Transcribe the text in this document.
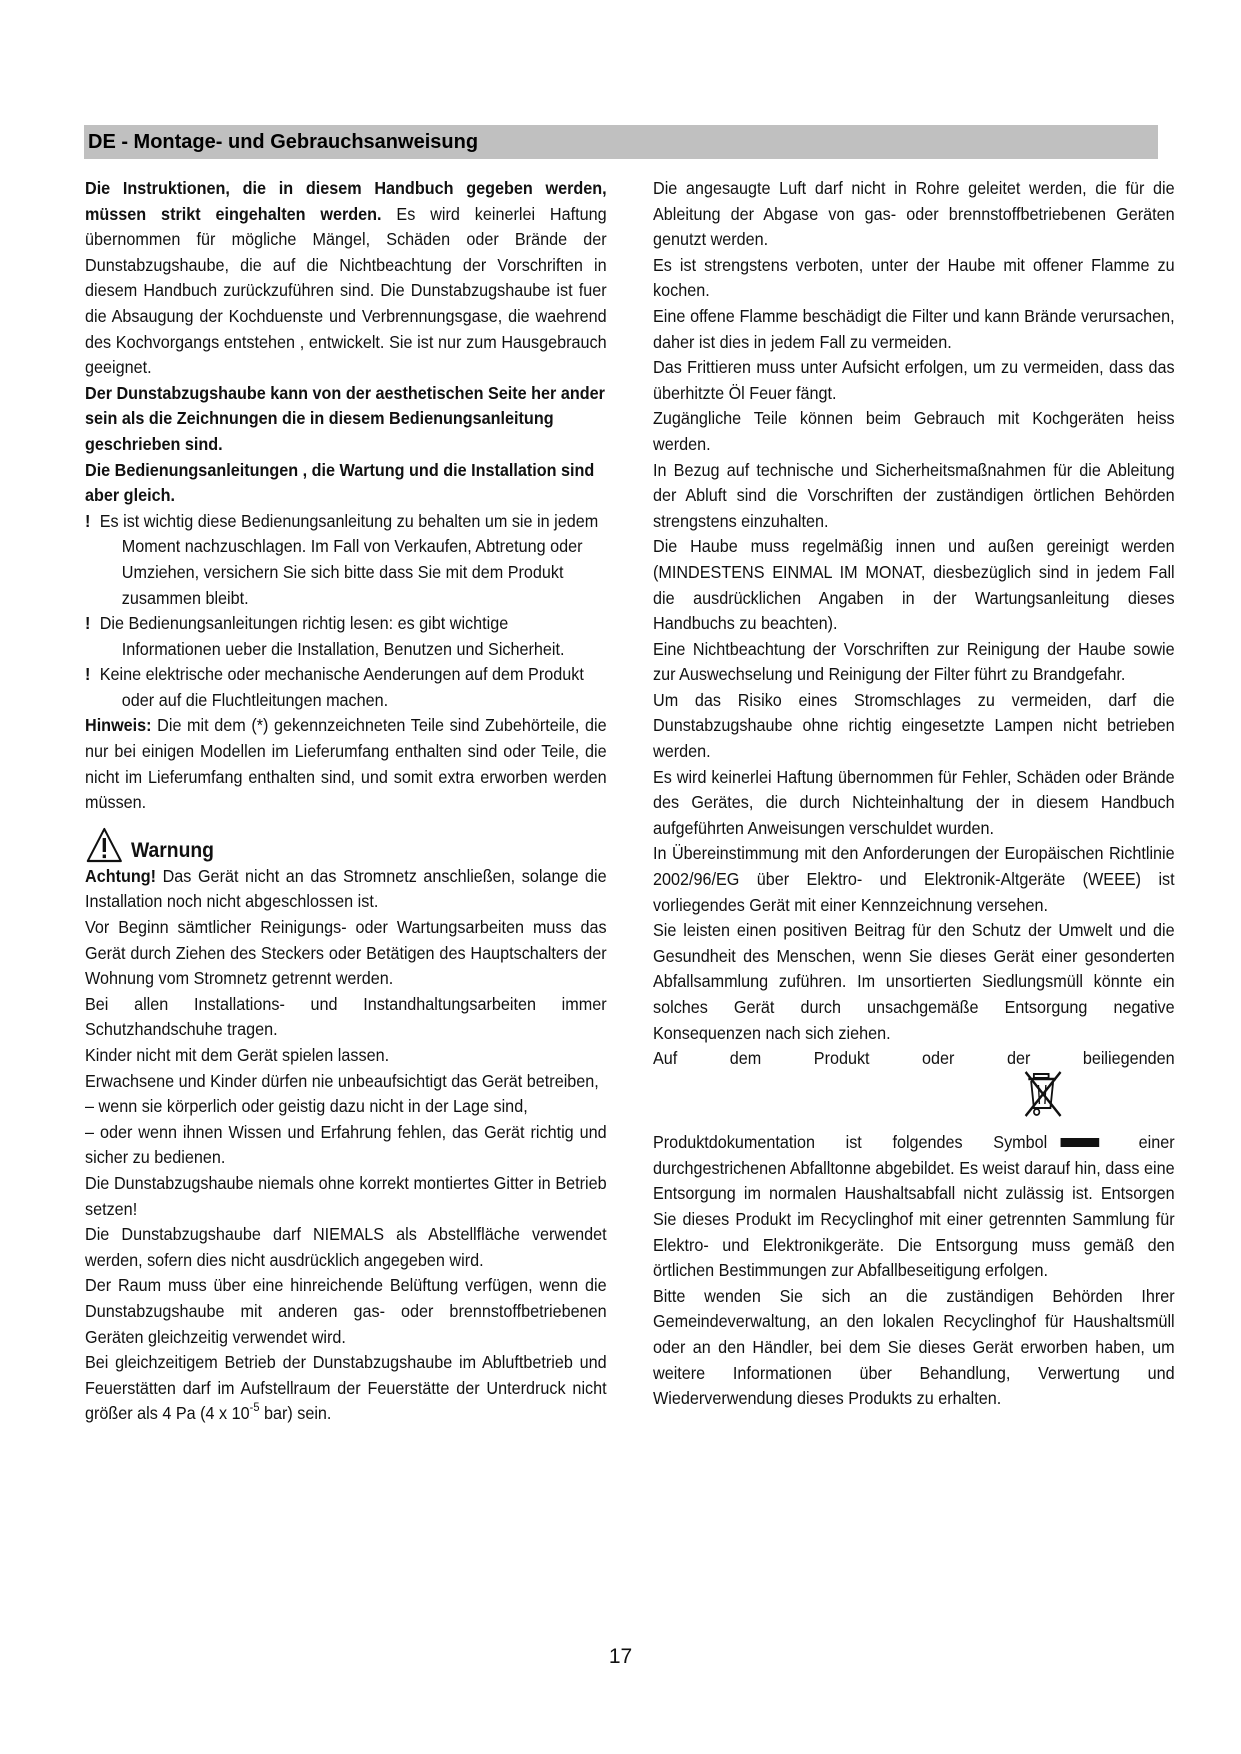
DE - Montage- und Gebrauchsanweisung

Die Instruktionen, die in diesem Handbuch gegeben werden, müssen strikt eingehalten werden. Es wird keinerlei Haftung übernommen für mögliche Mängel, Schäden oder Brände der Dunstabzugshaube, die auf die Nichtbeachtung der Vorschriften in diesem Handbuch zurückzuführen sind. Die Dunstabzugshaube ist fuer die Absaugung der Kochduenste und Verbrennungsgase, die waehrend des Kochvorgangs entstehen , entwickelt. Sie ist nur zum Hausgebrauch geeignet.

Der Dunstabzugshaube kann von der aesthetischen Seite her ander sein als die Zeichnungen die in diesem Bedienungsanleitung geschrieben sind.

Die Bedienungsanleitungen , die Wartung und die Installation sind aber gleich.

! Es ist wichtig diese Bedienungsanleitung zu behalten um sie in jedem Moment nachzuschlagen. Im Fall von Verkaufen, Abtretung oder Umziehen, versichern Sie sich bitte dass Sie mit dem Produkt zusammen bleibt.

! Die Bedienungsanleitungen richtig lesen: es gibt wichtige Informationen ueber die Installation, Benutzen und Sicherheit.

! Keine elektrische oder mechanische Aenderungen auf dem Produkt oder auf die Fluchtleitungen machen.

Hinweis: Die mit dem (*) gekennzeichneten Teile sind Zubehörteile, die nur bei einigen Modellen im Lieferumfang enthalten sind oder Teile, die nicht im Lieferumfang enthalten sind, und somit extra erworben werden müssen.

Warnung

Achtung! Das Gerät nicht an das Stromnetz anschließen, solange die Installation noch nicht abgeschlossen ist.

Vor Beginn sämtlicher Reinigungs- oder Wartungsarbeiten muss das Gerät durch Ziehen des Steckers oder Betätigen des Hauptschalters der Wohnung vom Stromnetz getrennt werden.

Bei allen Installations- und Instandhaltungsarbeiten immer Schutzhandschuhe tragen.

Kinder nicht mit dem Gerät spielen lassen.

Erwachsene und Kinder dürfen nie unbeaufsichtigt das Gerät betreiben,

– wenn sie körperlich oder geistig dazu nicht in der Lage sind,

– oder wenn ihnen Wissen und Erfahrung fehlen, das Gerät richtig und sicher zu bedienen.

Die Dunstabzugshaube niemals ohne korrekt montiertes Gitter in Betrieb setzen!

Die Dunstabzugshaube darf NIEMALS als Abstellfläche verwendet werden, sofern dies nicht ausdrücklich angegeben wird.

Der Raum muss über eine hinreichende Belüftung verfügen, wenn die Dunstabzugshaube mit anderen gas- oder brennstoffbetriebenen Geräten gleichzeitig verwendet wird.

Bei gleichzeitigem Betrieb der Dunstabzugshaube im Abluftbetrieb und Feuerstätten darf im Aufstellraum der Feuerstätte der Unterdruck nicht größer als 4 Pa (4 x $10^{-5}$ bar) sein.

Die angesaugte Luft darf nicht in Rohre geleitet werden, die für die Ableitung der Abgase von gas- oder brennstoffbetriebenen Geräten genutzt werden.

Es ist strengstens verboten, unter der Haube mit offener Flamme zu kochen.

Eine offene Flamme beschädigt die Filter und kann Brände verursachen, daher ist dies in jedem Fall zu vermeiden.

Das Frittieren muss unter Aufsicht erfolgen, um zu vermeiden, dass das überhitzte Öl Feuer fängt.

Zugängliche Teile können beim Gebrauch mit Kochgeräten heiss werden.

In Bezug auf technische und Sicherheitsmaßnahmen für die Ableitung der Abluft sind die Vorschriften der zuständigen örtlichen Behörden strengstens einzuhalten.

Die Haube muss regelmäßig innen und außen gereinigt werden (MINDESTENS EINMAL IM MONAT, diesbezüglich sind in jedem Fall die ausdrücklichen Angaben in der Wartungsanleitung dieses Handbuchs zu beachten).

Eine Nichtbeachtung der Vorschriften zur Reinigung der Haube sowie zur Auswechselung und Reinigung der Filter führt zu Brandgefahr.

Um das Risiko eines Stromschlages zu vermeiden, darf die Dunstabzugshaube ohne richtig eingesetzte Lampen nicht betrieben werden.

Es wird keinerlei Haftung übernommen für Fehler, Schäden oder Brände des Gerätes, die durch Nichteinhaltung der in diesem Handbuch aufgeführten Anweisungen verschuldet wurden.

In Übereinstimmung mit den Anforderungen der Europäischen Richtlinie 2002/96/EG über Elektro- und Elektronik-Altgeräte (WEEE) ist vorliegendes Gerät mit einer Kennzeichnung versehen.

Sie leisten einen positiven Beitrag für den Schutz der Umwelt und die Gesundheit des Menschen, wenn Sie dieses Gerät einer gesonderten Abfallsammlung zuführen. Im unsortierten Siedlungsmüll könnte ein solches Gerät durch unsachgemäße Entsorgung negative Konsequenzen nach sich ziehen.

Auf dem Produkt oder der beiliegenden

Produktdokumentation ist folgendes Symbol	einer durchgestrichenen Abfalltonne abgebildet. Es weist darauf hin, dass eine Entsorgung im normalen Haushaltsabfall nicht zulässig ist. Entsorgen Sie dieses Produkt im Recyclinghof mit einer getrennten Sammlung für Elektro- und Elektronikgeräte. Die Entsorgung muss gemäß den örtlichen Bestimmungen zur Abfallbeseitigung erfolgen.

Bitte wenden Sie sich an die zuständigen Behörden Ihrer Gemeindeverwaltung, an den lokalen Recyclinghof für Haushaltsmüll oder an den Händler, bei dem Sie dieses Gerät erworben haben, um weitere Informationen über Behandlung, Verwertung und Wiederverwendung dieses Produkts zu erhalten.

17
